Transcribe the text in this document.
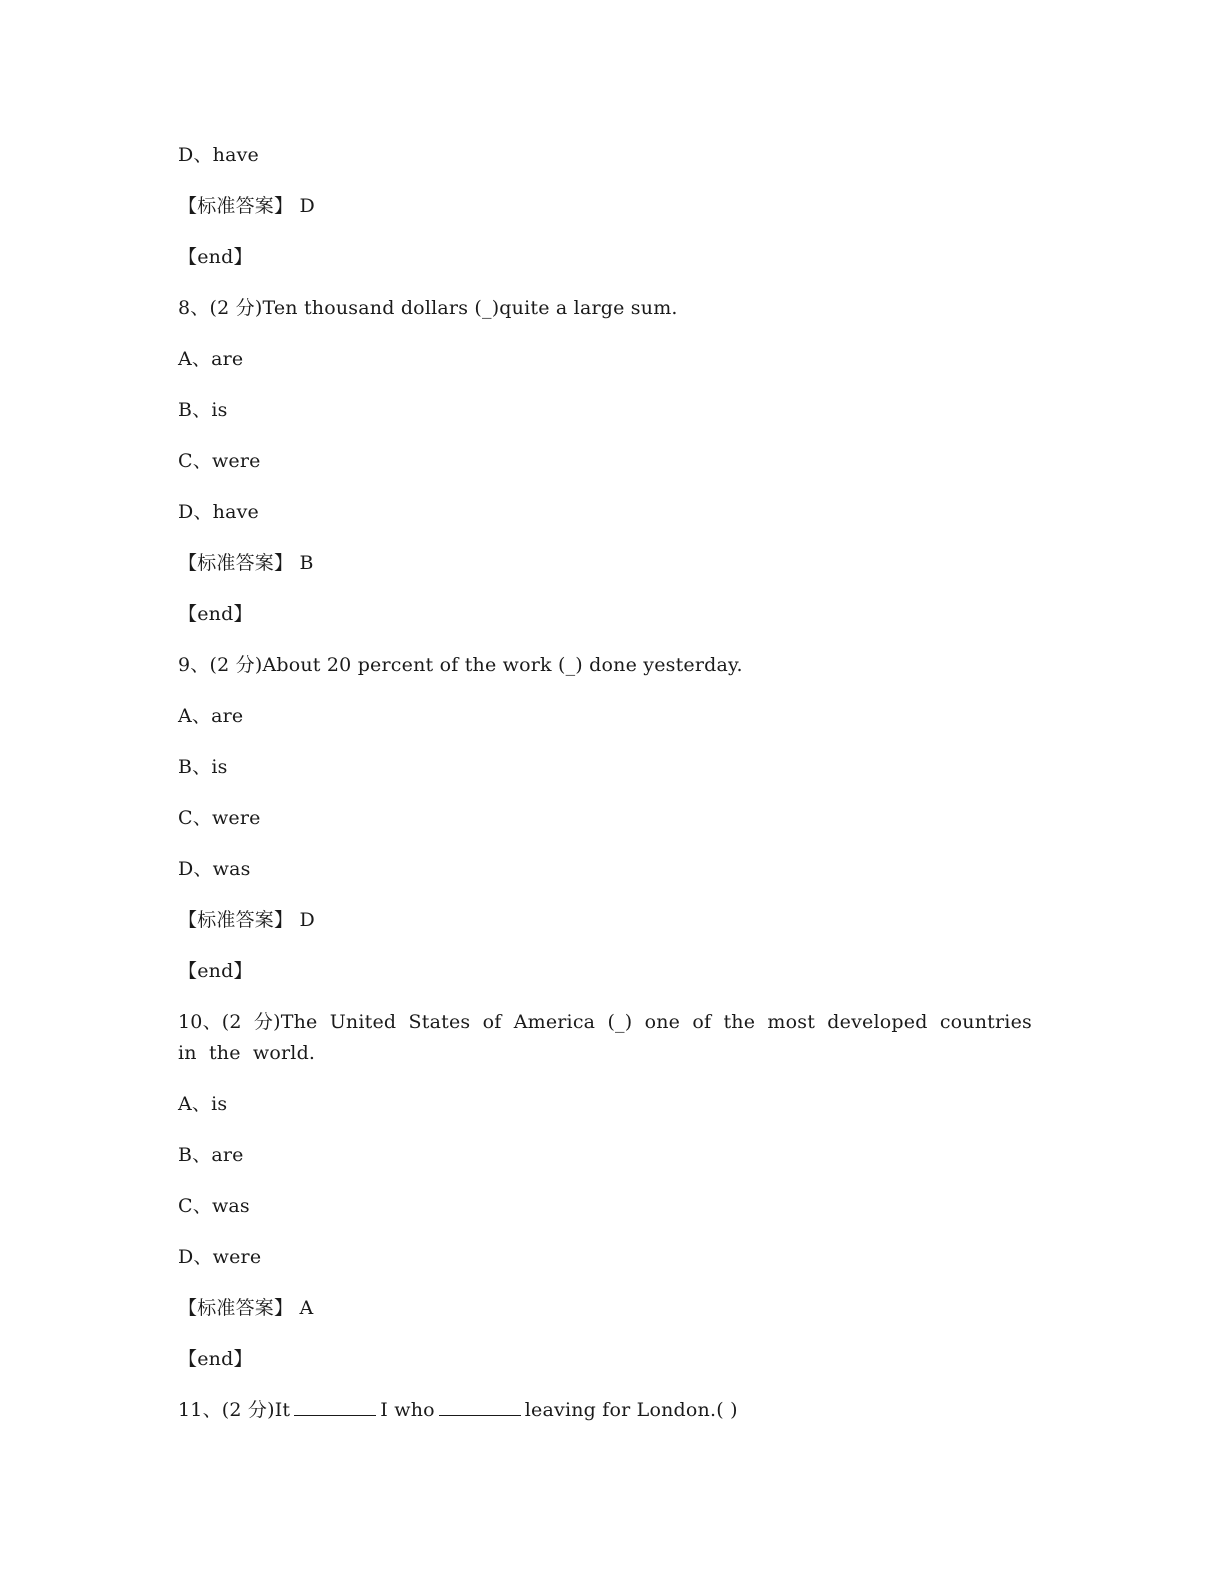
D、have
【标准答案】 D
【end】
8、(2 分)Ten thousand dollars (_)quite a large sum.
A、are
B、is
C、were
D、have
【标准答案】 B
【end】
9、(2 分)About 20 percent of the work (_) done yesterday.
A、are
B、is
C、were
D、was
【标准答案】 D
【end】
10、(2 分)The United States of America (_) one of the most developed countries in the world.
A、is
B、are
C、was
D、were
【标准答案】 A
【end】
11、(2 分)It	I who	leaving for London.( )
